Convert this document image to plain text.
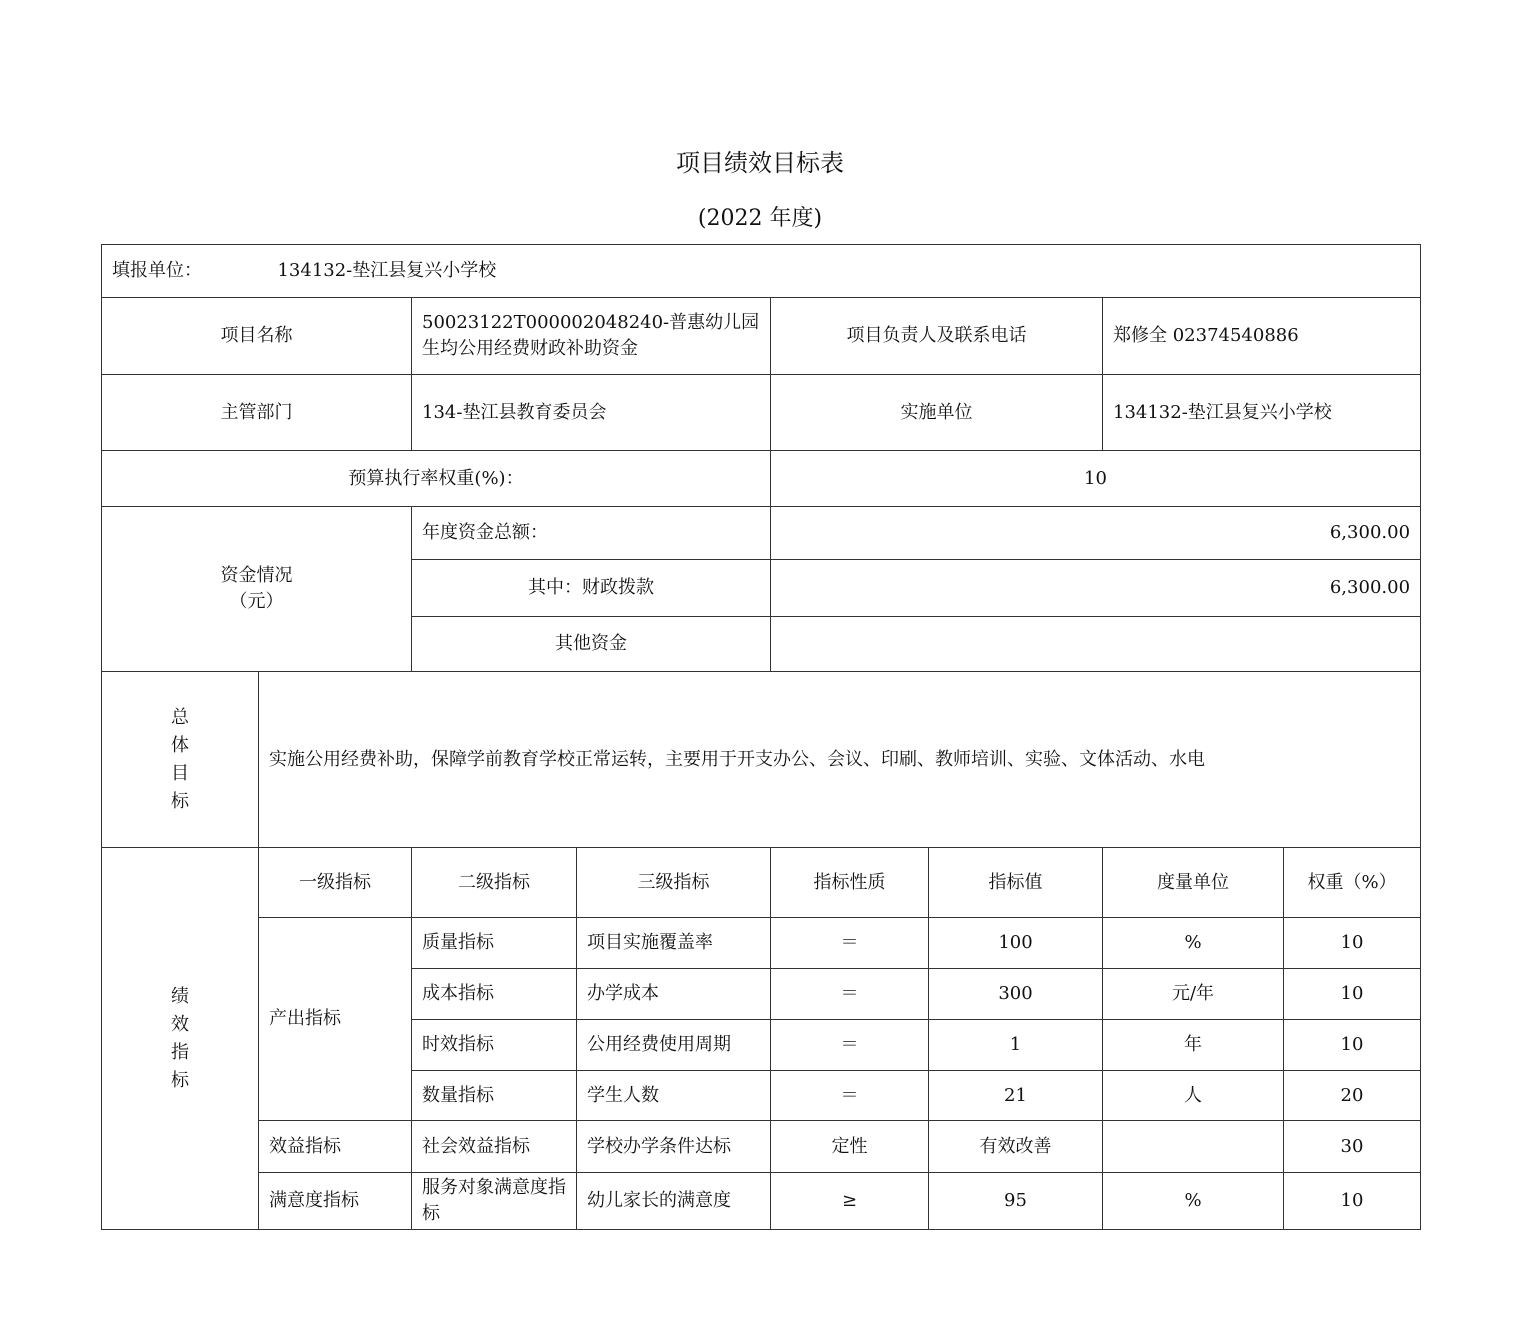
项目绩效目标表
(2022 年度)
填报单位： 134132-垫江县复兴小学校							
项目名称		50023122T000002048240-普惠幼儿园生均公用经费财政补助资金		项目负责人及联系电话		郑修全 02374540886	
主管部门		134-垫江县教育委员会		实施单位		134132-垫江县复兴小学校	
预算执行率权重(%)：				10			

资金情况
（元）		年度资金总额：		6,300.00			
		其中：财政拨款		6,300.00			
		其他资金					

总
体
目
标	实施公用经费补助，保障学前教育学校正常运转，主要用于开支办公、会议、印刷、教师培训、实验、文体活动、水电						

绩
效
指
标	一级指标	二级指标	三级指标	指标性质	指标值	度量单位	权重（%）
	产出指标	质量指标	项目实施覆盖率	＝	100	%	10
		成本指标	办学成本	＝	300	元/年	10
		时效指标	公用经费使用周期	＝	1	年	10
		数量指标	学生人数	＝	21	人	20
	效益指标	社会效益指标	学校办学条件达标	定性	有效改善		30
	满意度指标	服务对象满意度指标	幼儿家长的满意度	≥	95	%	10
